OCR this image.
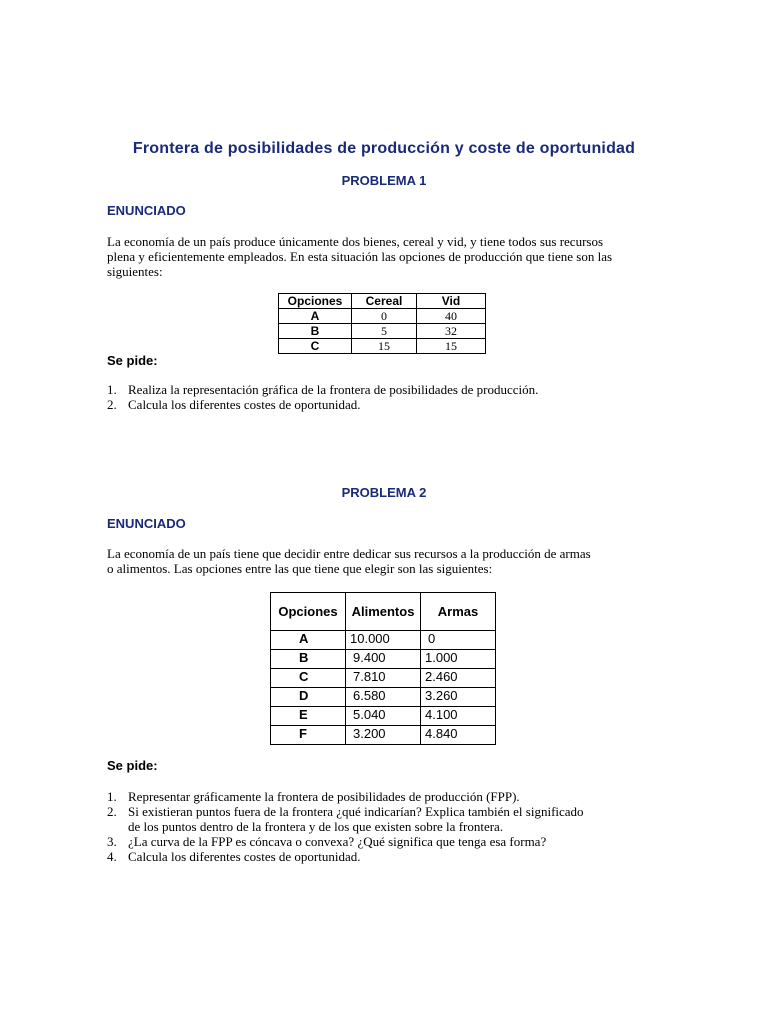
Frontera de posibilidades de producción y coste de oportunidad
PROBLEMA 1
ENUNCIADO
La economía de un país produce únicamente dos bienes, cereal y vid, y tiene todos sus recursos
plena y eficientemente empleados. En esta situación las opciones de producción que tiene son las
siguientes:
Opciones	Cereal	Vid
A	0	40
B	5	32
C	15	15
Se pide:
1. Realiza la representación gráfica de la frontera de posibilidades de producción.
2. Calcula los diferentes costes de oportunidad.
PROBLEMA 2
ENUNCIADO
La economía de un país tiene que decidir entre dedicar sus recursos a la producción de armas
o alimentos. Las opciones entre las que tiene que elegir son las siguientes:
Opciones	Alimentos	Armas
A	10.000	0
B	9.400	1.000
C	7.810	2.460
D	6.580	3.260
E	5.040	4.100
F	3.200	4.840
Se pide:
1. Representar gráficamente la frontera de posibilidades de producción (FPP).
2. Si existieran puntos fuera de la frontera ¿qué indicarían? Explica también el significado
de los puntos dentro de la frontera y de los que existen sobre la frontera.
3. ¿La curva de la FPP es cóncava o convexa? ¿Qué significa que tenga esa forma?
4. Calcula los diferentes costes de oportunidad.
